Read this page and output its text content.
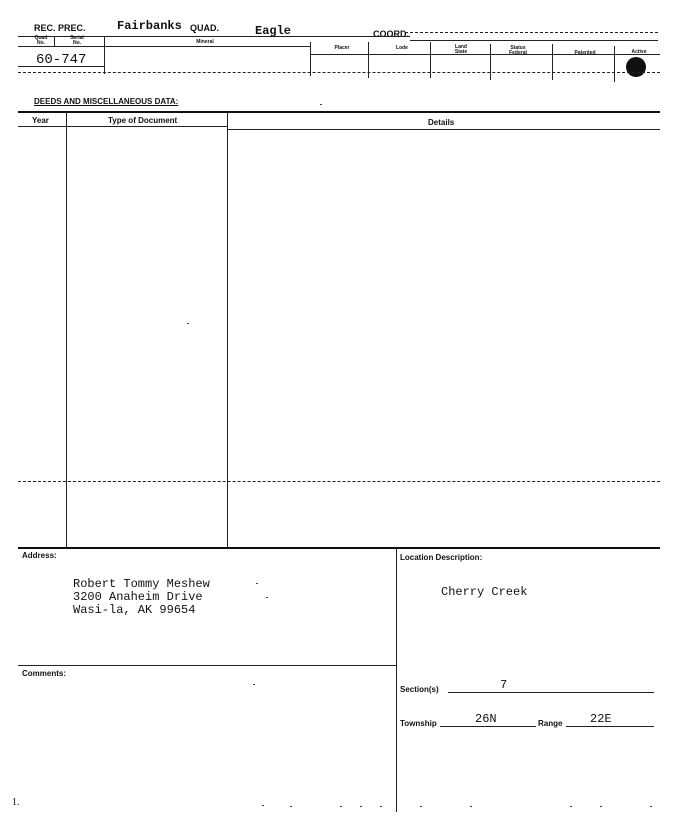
REC. PREC.	Fairbanks QUAD.	Eagle	COORD.
Quad No.
Serial No.	Mineral
Placer	Lode	Land State
Status Federal	Patented	Active
60-747
DEEDS AND MISCELLANEOUS DATA:
Year	Type of Document	Details
Address:
Robert Tommy Meshew
3200 Anaheim Drive
Wasi-la, AK 99654
Location Description:
Cherry Creek
Comments:
Section(s)	7
Township	26N	Range 22E
1.
